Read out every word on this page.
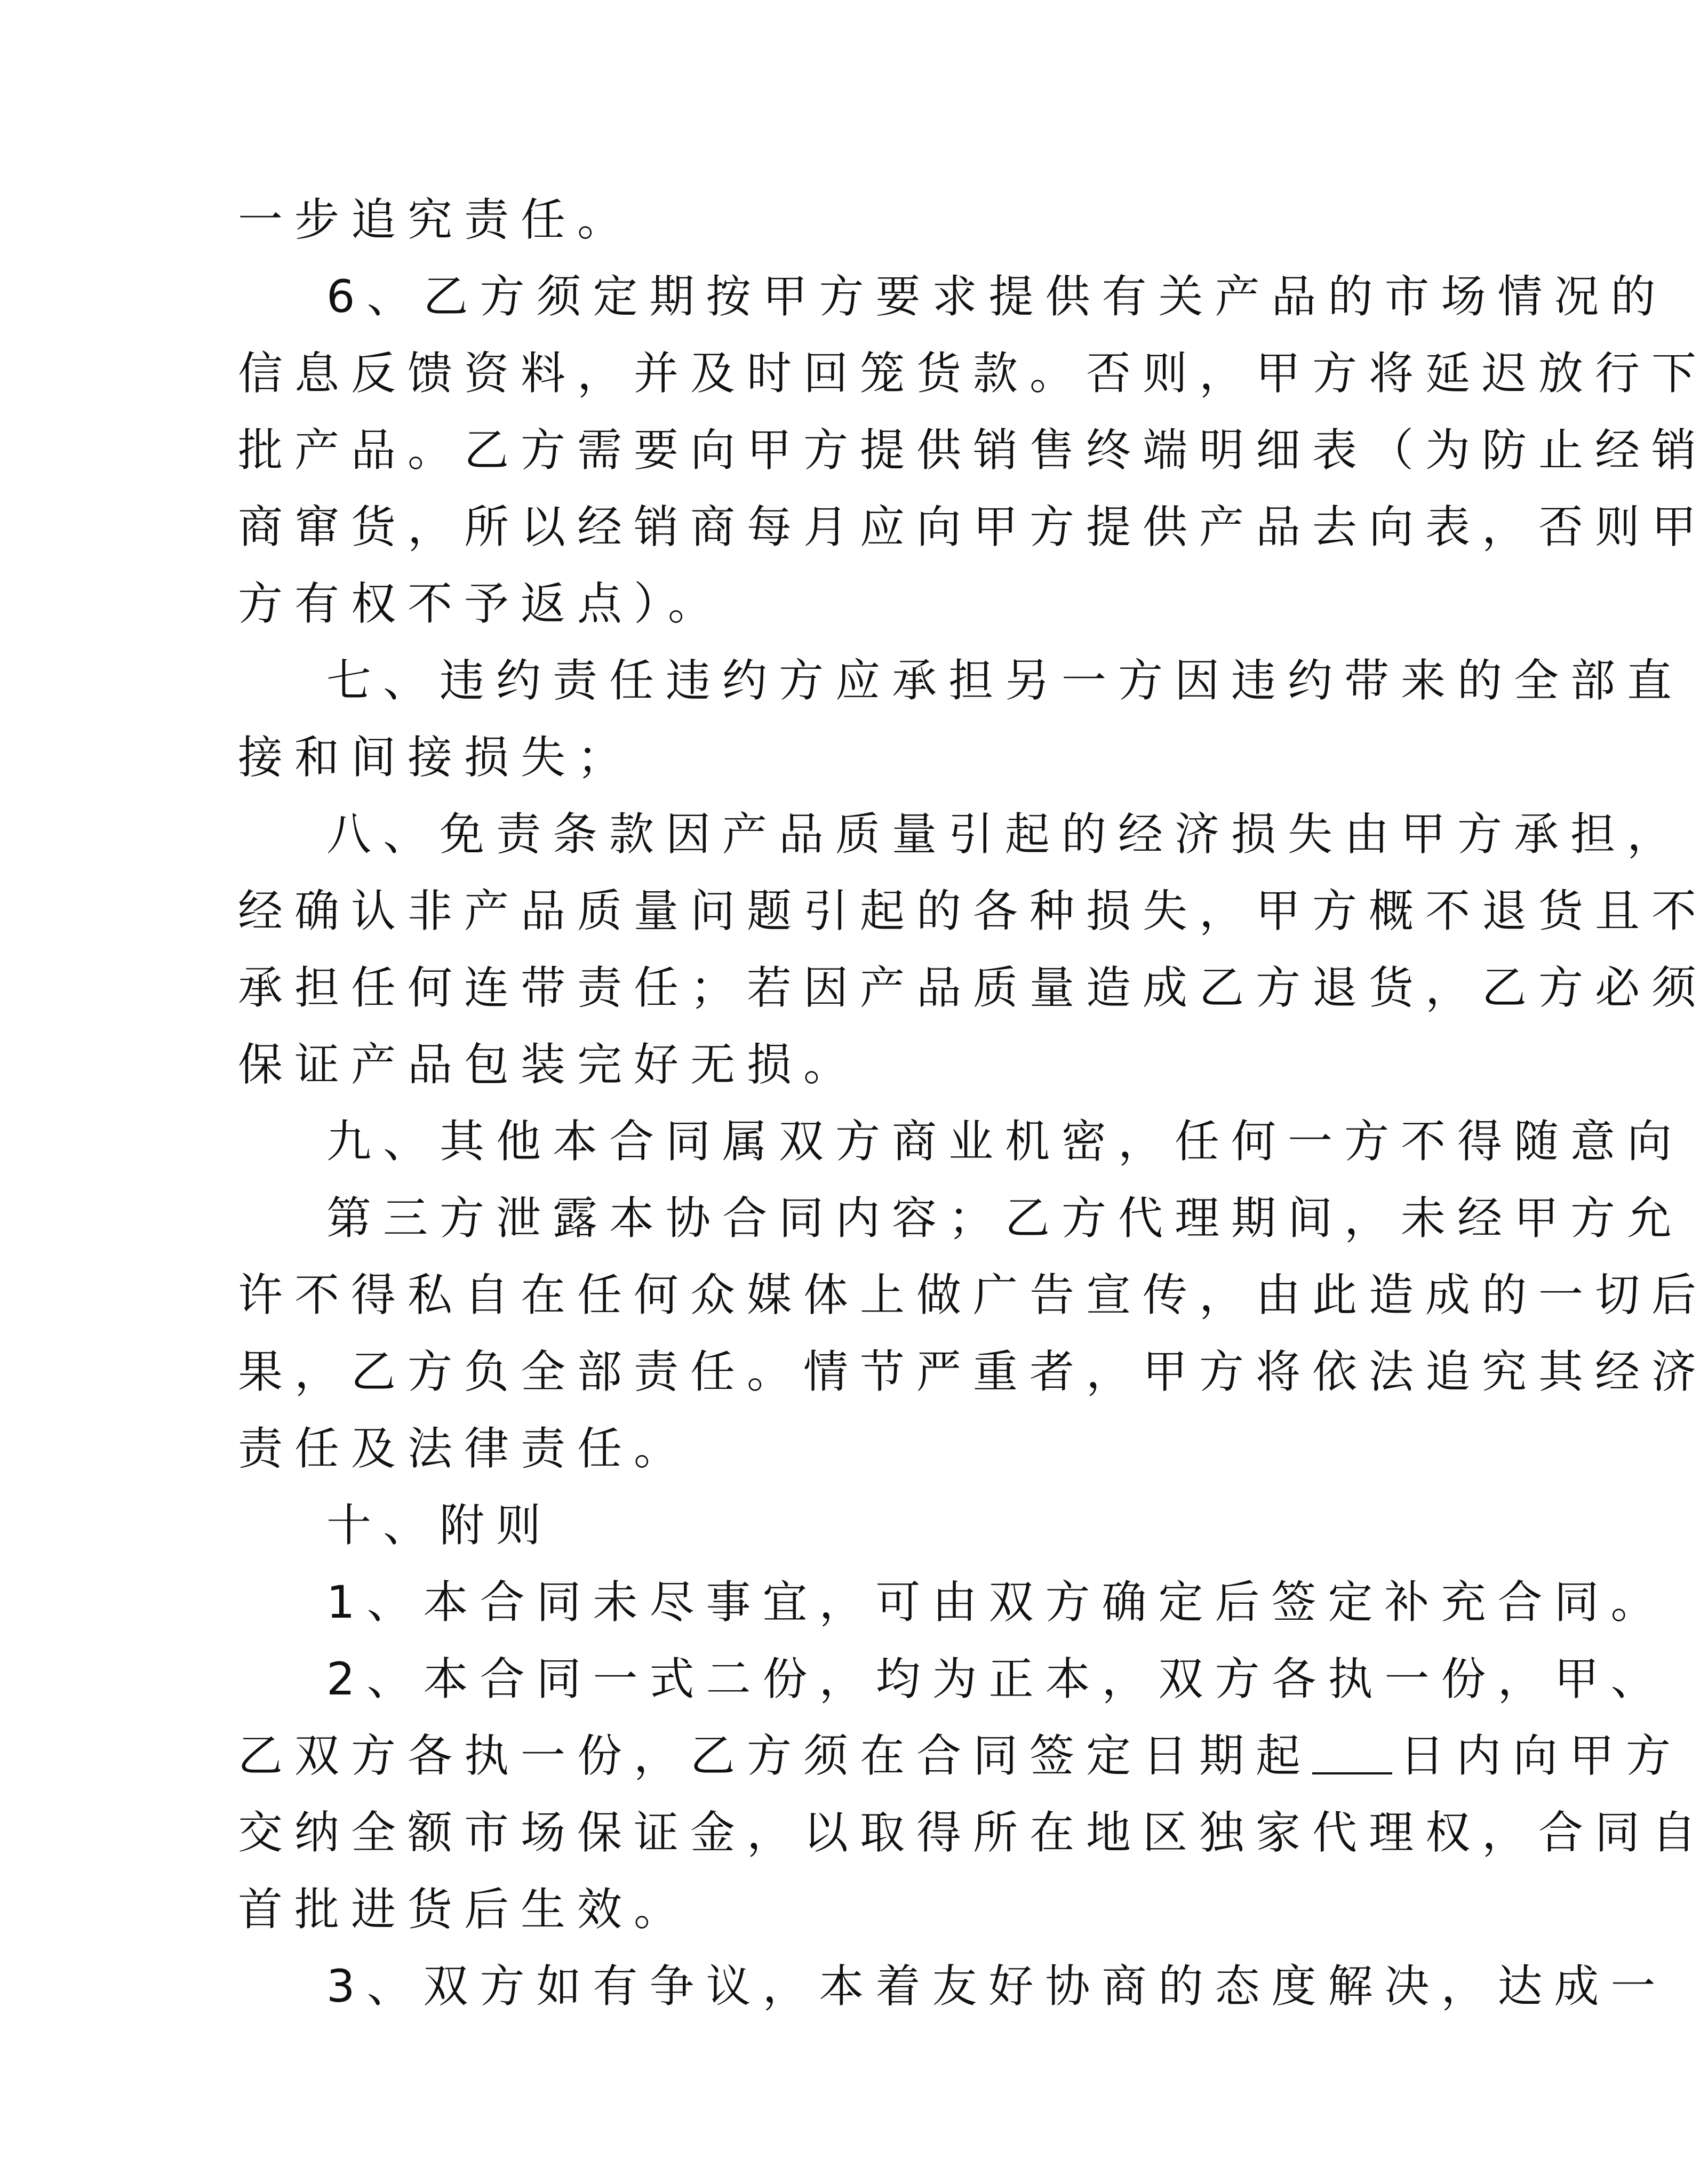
一步追究责任。
6、乙方须定期按甲方要求提供有关产品的市场情况的
信息反馈资料，并及时回笼货款。否则，甲方将延迟放行下
批产品。乙方需要向甲方提供销售终端明细表（为防止经销
商窜货，所以经销商每月应向甲方提供产品去向表，否则甲
方有权不予返点）。
七、违约责任违约方应承担另一方因违约带来的全部直
接和间接损失；
八、免责条款因产品质量引起的经济损失由甲方承担，
经确认非产品质量问题引起的各种损失，甲方概不退货且不
承担任何连带责任；若因产品质量造成乙方退货，乙方必须
保证产品包装完好无损。
九、其他本合同属双方商业机密，任何一方不得随意向
第三方泄露本协合同内容；乙方代理期间，未经甲方允
许不得私自在任何众媒体上做广告宣传，由此造成的一切后
果，乙方负全部责任。情节严重者，甲方将依法追究其经济
责任及法律责任。
十、附则
1、本合同未尽事宜，可由双方确定后签定补充合同。
2、本合同一式二份，均为正本，双方各执一份，甲、
乙双方各执一份，乙方须在合同签定日期起 日内向甲方
交纳全额市场保证金，以取得所在地区独家代理权，合同自
首批进货后生效。
3、双方如有争议，本着友好协商的态度解决，达成一
